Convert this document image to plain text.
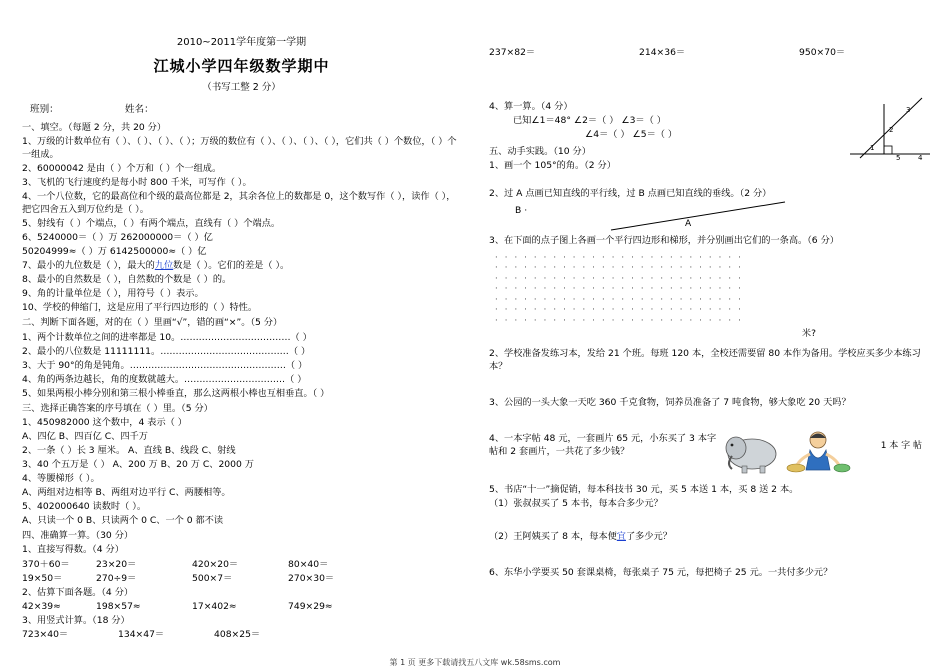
2010~2011学年度第一学期
江城小学四年级数学期中
（书写工整 2 分）
班别：	姓名：
一、填空。（每题 2 分，共 20 分）
1、万级的计数单位有（ ）、（ ）、（ ）、（ ）；万级的数位有（ ）、（ ）、（ ）、（ ），它们共（ ）个数位，（ ）个一组成。
2、60000042 是由（ ）个万和（ ）个一组成。
3、飞机的飞行速度约是每小时 800 千米，可写作（ ）。
4、一个八位数，它的最高位和个级的最高位都是 2，其余各位上的数都是 0，这个数写作（ ），读作（ ），把它四舍五入到万位约是（ ）。
5、射线有（ ）个端点，（ ）有两个端点，直线有（ ）个端点。
6、5240000＝（ ）万 262000000＝（ ）亿
50204999≈（ ）万 6142500000≈（ ）亿
7、最小的九位数是（ ），最大的九位数是（ ）。它们的差是（ ）。
8、最小的自然数是（ ），自然数的个数是（ ）的。
9、角的计量单位是（ ），用符号（ ）表示。
10、学校的伸缩门，这是应用了平行四边形的（ ）特性。
二、判断下面各题，对的在（ ）里画“√”，错的画“×”。（5 分）
1、两个计数单位之间的进率都是 10。………………………………（ ）
2、最小的八位数是 11111111。……………………………………（ ）
3、大于 90°的角是钝角。……………………………………………（ ）
4、角的两条边越长，角的度数就越大。……………………………（ ）
5、如果两根小棒分别和第三根小棒垂直，那么这两根小棒也互相垂直。（ ）
三、选择正确答案的序号填在（ ）里。（5 分）
1、450982000 这个数中，4 表示（ ）
A、四亿 B、四百亿 C、四千万
2、一条（ ）长 3 厘米。 A、直线 B、线段 C、射线
3、40 个五万是（ ） A、200 万 B、20 万 C、2000 万
4、等腰梯形（ ）。
A、两组对边相等 B、两组对边平行 C、两腰相等。
5、402000640 读数时（ ）。
A、只读一个 0 B、只读两个 0 C、一个 0 都不读
四、准确算一算。（30 分）
1、直接写得数。（4 分）
370＋60＝	23×20＝	420×20＝	80×40＝
19×50＝	270÷9＝	500×7＝	270×30＝
2、估算下面各题。（4 分）
42×39≈	198×57≈	17×402≈	749×29≈
3、用竖式计算。（18 分）
723×40＝	134×47＝	408×25＝
237×82＝	214×36＝	950×70＝
4、算一算。（4 分）
已知∠1＝48° ∠2＝（ ） ∠3＝（ ）
∠4＝（ ） ∠5＝（ ）
3
2
1
5	4
五、动手实践。（10 分）
1、画一个 105°的角。（2 分）
2、过 A 点画已知直线的平行线，过 B 点画已知直线的垂线。（2 分）
B ·
A
3、在下面的点子图上各画一个平行四边形和梯形，并分别画出它们的一条高。（6 分）
· · · · · · · · · · · · · · · · · · · · · · · · · ·
· · · · · · · · · · · · · · · · · · · · · · · · · ·
· · · · · · · · · · · · · · · · · · · · · · · · · ·
· · · · · · · · · · · · · · · · · · · · · · · · · ·
· · · · · · · · · · · · · · · · · · · · · · · · · ·
· · · · · · · · · · · · · · · · · · · · · · · · · ·
· · · · · · · · · · · · · · · · · · · · · · · · · ·
米?
2、学校准备发练习本，发给 21 个班。每班 120 本，全校还需要留 80 本作为备用。学校应买多少本练习本？
3、公园的一头大象一天吃 360 千克食物，饲养员准备了 7 吨食物，够大象吃 20 天吗？
4、一本字帖 48 元，一套画片 65 元，小东买了 3 本字帖和 2 套画片，一共花了多少钱？
1 本 字 帖
5、书店“十一”摘促销，每本科技书 30 元，买 5 本送 1 本，买 8 送 2 本。
（1）张叔叔买了 5 本书，每本合多少元？
（2）王阿姨买了 8 本，每本便宜了多少元？
6、东华小学要买 50 套课桌椅，每张桌子 75 元，每把椅子 25 元。一共付多少元？
第 1 页 更多下载请找五八文库 wk.58sms.com
